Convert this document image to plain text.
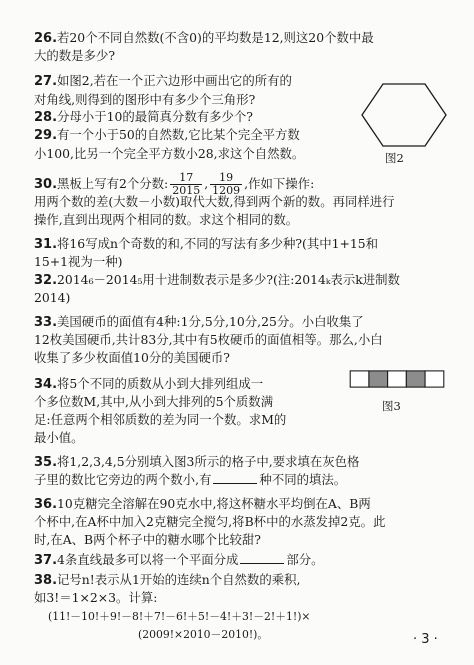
26.若20个不同自然数(不含0)的平均数是12,则这20个数中最
大的数是多少?
27.如图2,若在一个正六边形中画出它的所有的
对角线,则得到的图形中有多少个三角形?
图2
28.分母小于10的最简真分数有多少个?
29.有一个小于50的自然数,它比某个完全平方数
小100,比另一个完全平方数小28,求这个自然数。
30.黑板上写有2个分数: $\frac{17}{2015}$ , $\frac{19}{1209}$ ,作如下操作:
用两个数的差(大数－小数)取代大数,得到两个新的数。再同样进行
操作,直到出现两个相同的数。求这个相同的数。
31.将16写成n个奇数的和,不同的写法有多少种?(其中1+15和
15+1视为一种)
32.2014₆－2014₅用十进制数表示是多少?(注:2014ₖ表示k进制数
2014)
33.美国硬币的面值有4种:1分,5分,10分,25分。小白收集了
12枚美国硬币,共计83分,其中有5枚硬币的面值相等。那么,小白
收集了多少枚面值10分的美国硬币?
34.将5个不同的质数从小到大排列组成一
个多位数M,其中,从小到大排列的5个质数满
足:任意两个相邻质数的差为同一个数。求M的
最小值。
图3
35.将1,2,3,4,5分别填入图3所示的格子中,要求填在灰色格
子里的数比它旁边的两个数小,有	种不同的填法。
36.10克糖完全溶解在90克水中,将这杯糖水平均倒在A、B两
个杯中,在A杯中加入2克糖完全搅匀,将B杯中的水蒸发掉2克。此
时,在A、B两个杯子中的糖水哪个比较甜?
37.4条直线最多可以将一个平面分成	部分。
38.记号n!表示从1开始的连续n个自然数的乘积,
如3!＝1×2×3。计算:
(11!－10!＋9!－8!＋7!－6!＋5!－4!＋3!－2!＋1!)×
(2009!×2010－2010!)。	· 3 ·
